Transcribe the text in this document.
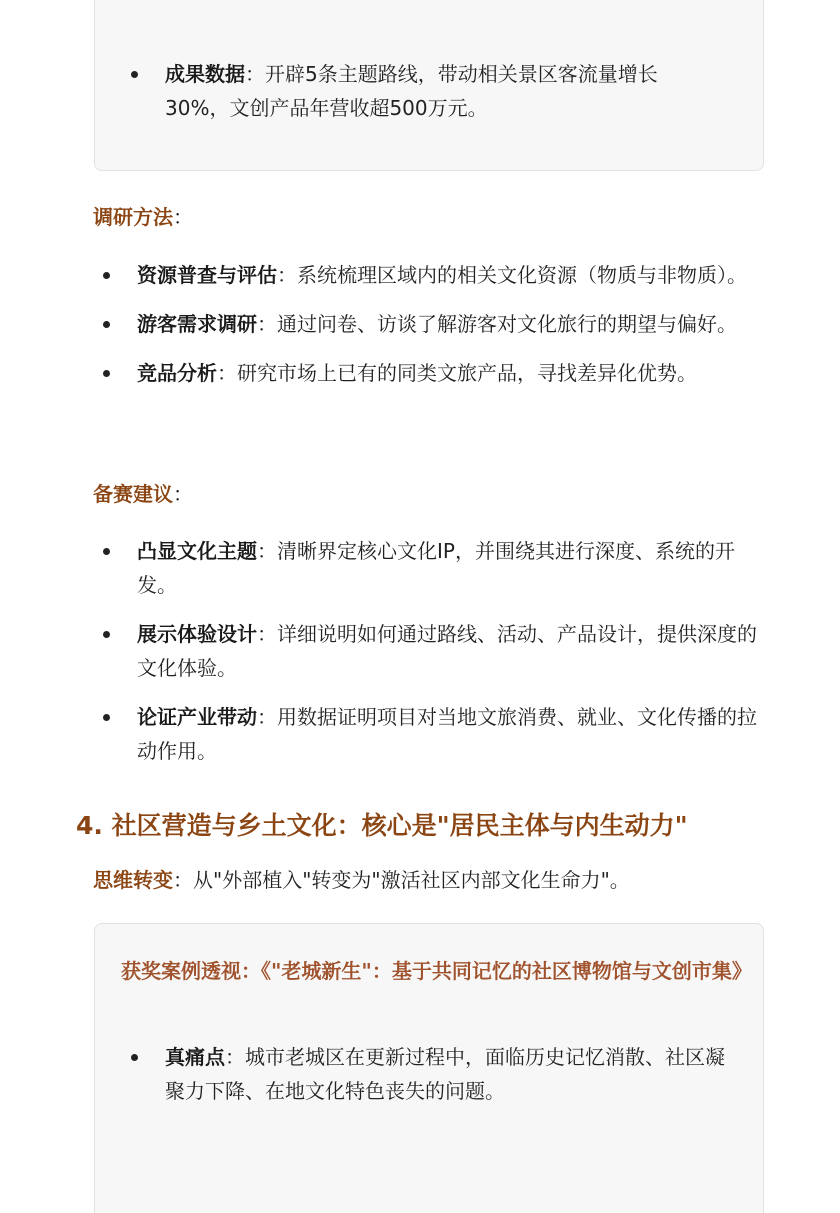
成果数据：开辟5条主题路线，带动相关景区客流量增长30%，文创产品年营收超500万元。
调研方法：
资源普查与评估：系统梳理区域内的相关文化资源（物质与非物质）。
游客需求调研：通过问卷、访谈了解游客对文化旅行的期望与偏好。
竞品分析：研究市场上已有的同类文旅产品，寻找差异化优势。
备赛建议：
凸显文化主题：清晰界定核心文化IP，并围绕其进行深度、系统的开发。
展示体验设计：详细说明如何通过路线、活动、产品设计，提供深度的文化体验。
论证产业带动：用数据证明项目对当地文旅消费、就业、文化传播的拉动作用。
4. 社区营造与乡土文化：核心是"居民主体与内生动力"
思维转变：从"外部植入"转变为"激活社区内部文化生命力"。
获奖案例透视：《"老城新生"：基于共同记忆的社区博物馆与文创市集》
真痛点：城市老城区在更新过程中，面临历史记忆消散、社区凝聚力下降、在地文化特色丧失的问题。
